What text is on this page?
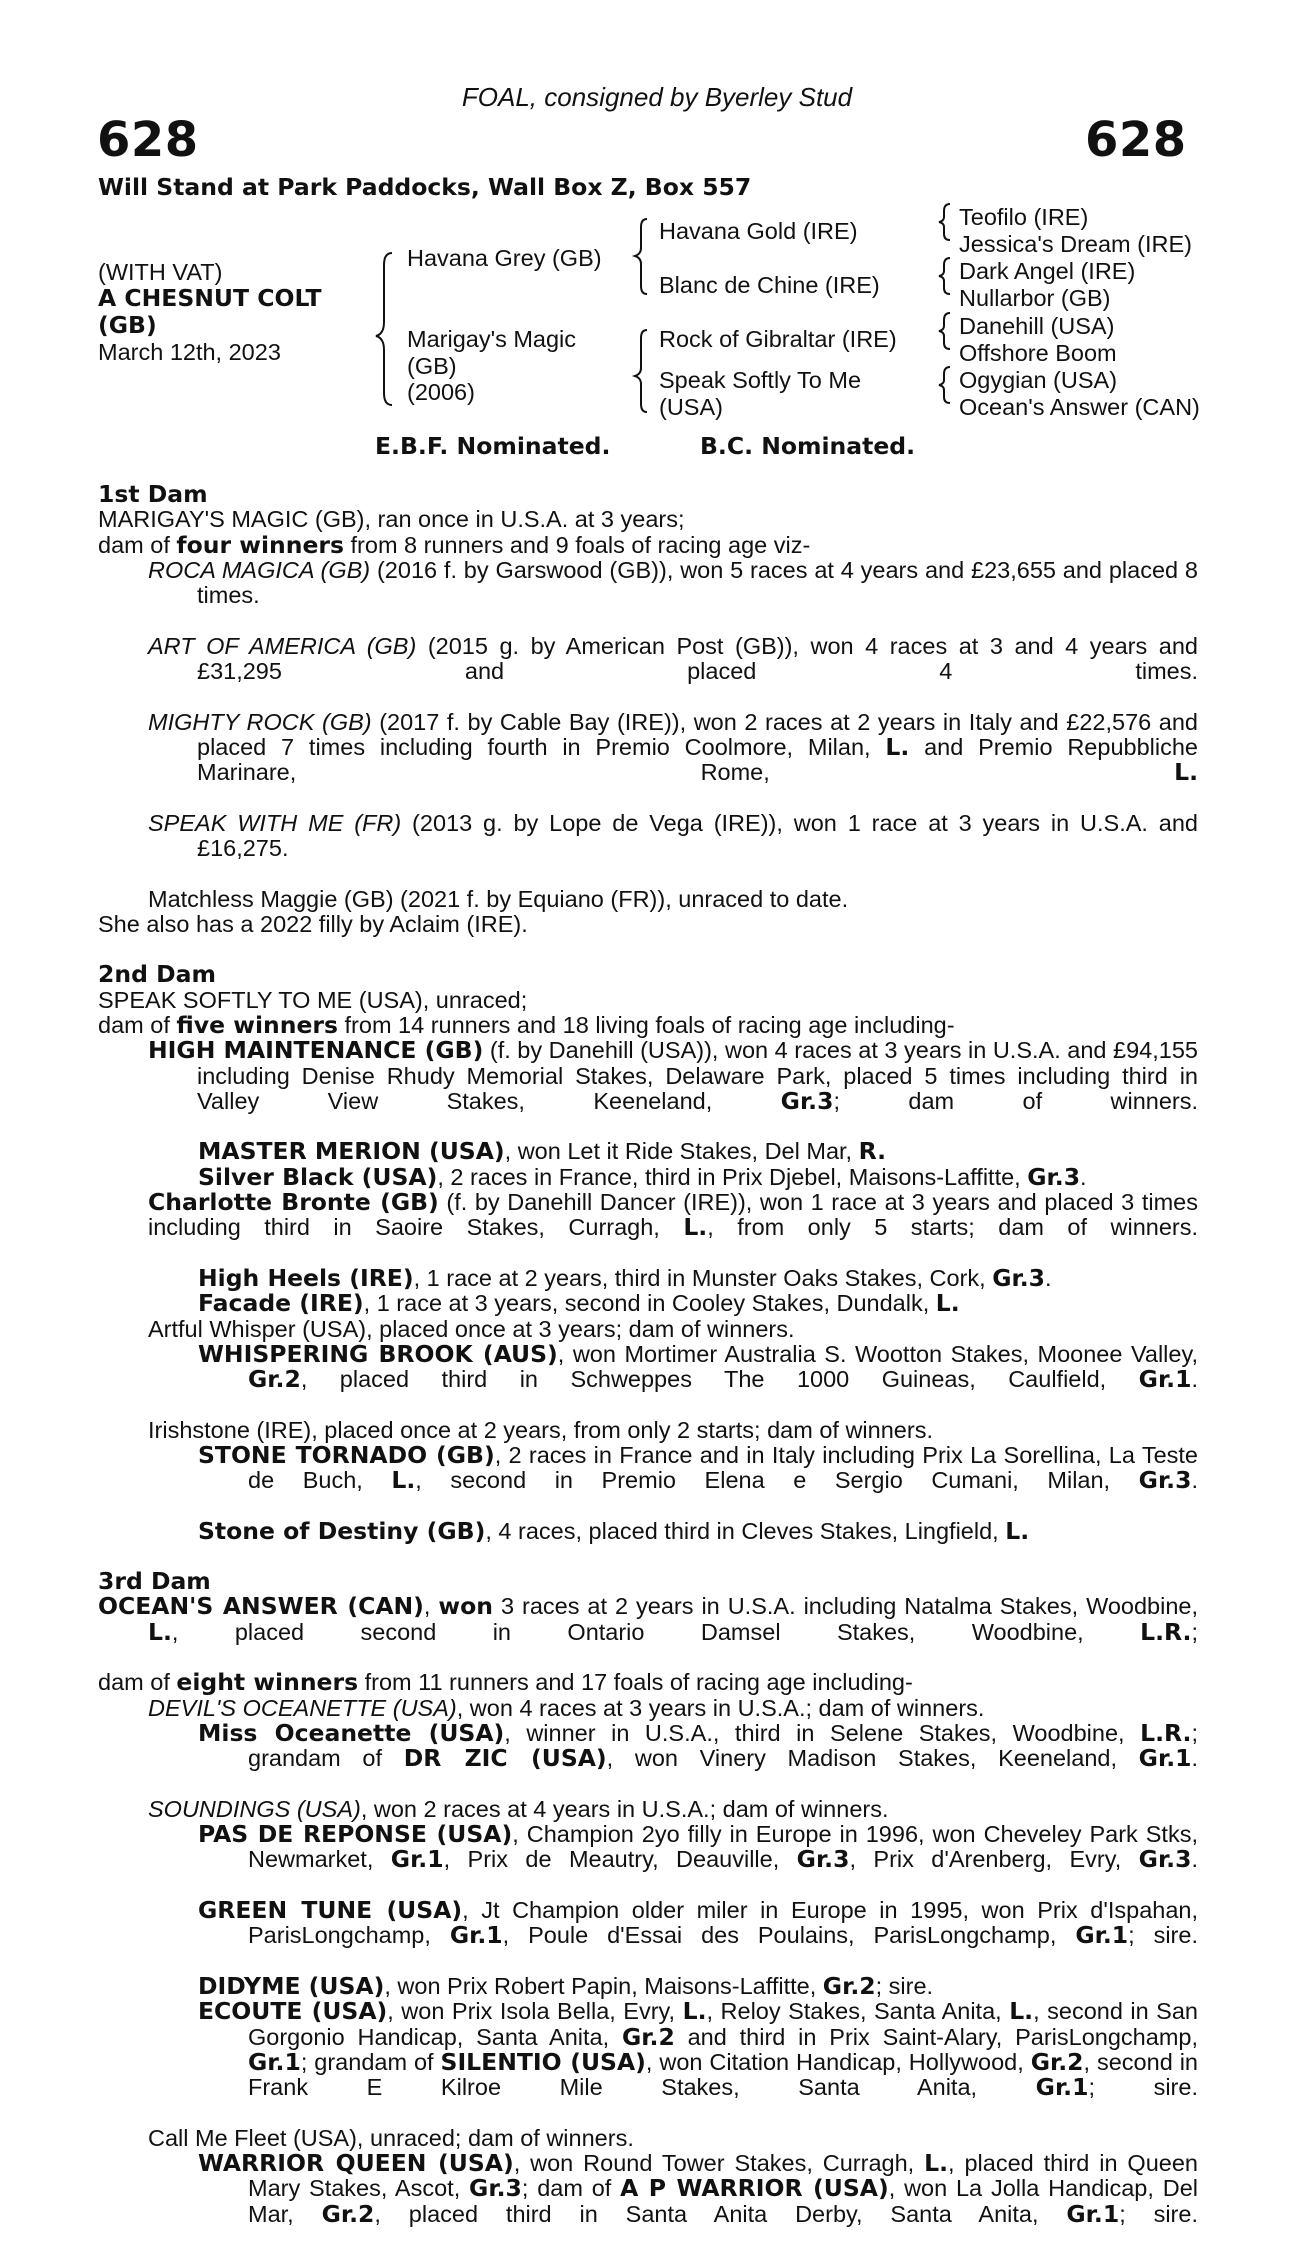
FOAL, consigned by Byerley Stud
628	628
Will Stand at Park Paddocks, Wall Box Z, Box 557
(WITH VAT)
A CHESNUT COLT
(GB)
March 12th, 2023
Havana Grey (GB)
Marigay's Magic
(GB)
(2006)
Havana Gold (IRE)
Blanc de Chine (IRE)
Rock of Gibraltar (IRE)
Speak Softly To Me
(USA)
Teofilo (IRE)
Jessica's Dream (IRE)
Dark Angel (IRE)
Nullarbor (GB)
Danehill (USA)
Offshore Boom
Ogygian (USA)
Ocean's Answer (CAN)
E.B.F. Nominated.	B.C. Nominated.
1st Dam
MARIGAY'S MAGIC (GB), ran once in U.S.A. at 3 years;
dam of four winners from 8 runners and 9 foals of racing age viz-
ROCA MAGICA (GB) (2016 f. by Garswood (GB)), won 5 races at 4 years and £23,655 and placed 8 times.
ART OF AMERICA (GB) (2015 g. by American Post (GB)), won 4 races at 3 and 4 years and £31,295 and placed 4 times.
MIGHTY ROCK (GB) (2017 f. by Cable Bay (IRE)), won 2 races at 2 years in Italy and £22,576 and placed 7 times including fourth in Premio Coolmore, Milan, L. and Premio Repubbliche Marinare, Rome, L.
SPEAK WITH ME (FR) (2013 g. by Lope de Vega (IRE)), won 1 race at 3 years in U.S.A. and £16,275.
Matchless Maggie (GB) (2021 f. by Equiano (FR)), unraced to date.
She also has a 2022 filly by Aclaim (IRE).
2nd Dam
SPEAK SOFTLY TO ME (USA), unraced;
dam of five winners from 14 runners and 18 living foals of racing age including-
HIGH MAINTENANCE (GB) (f. by Danehill (USA)), won 4 races at 3 years in U.S.A. and £94,155 including Denise Rhudy Memorial Stakes, Delaware Park, placed 5 times including third in Valley View Stakes, Keeneland, Gr.3; dam of winners.
MASTER MERION (USA), won Let it Ride Stakes, Del Mar, R.
Silver Black (USA), 2 races in France, third in Prix Djebel, Maisons-Laffitte, Gr.3.
Charlotte Bronte (GB) (f. by Danehill Dancer (IRE)), won 1 race at 3 years and placed 3 times including third in Saoire Stakes, Curragh, L., from only 5 starts; dam of winners.
High Heels (IRE), 1 race at 2 years, third in Munster Oaks Stakes, Cork, Gr.3.
Facade (IRE), 1 race at 3 years, second in Cooley Stakes, Dundalk, L.
Artful Whisper (USA), placed once at 3 years; dam of winners.
WHISPERING BROOK (AUS), won Mortimer Australia S. Wootton Stakes, Moonee Valley, Gr.2, placed third in Schweppes The 1000 Guineas, Caulfield, Gr.1.
Irishstone (IRE), placed once at 2 years, from only 2 starts; dam of winners.
STONE TORNADO (GB), 2 races in France and in Italy including Prix La Sorellina, La Teste de Buch, L., second in Premio Elena e Sergio Cumani, Milan, Gr.3.
Stone of Destiny (GB), 4 races, placed third in Cleves Stakes, Lingfield, L.
3rd Dam
OCEAN'S ANSWER (CAN), won 3 races at 2 years in U.S.A. including Natalma Stakes, Woodbine, L., placed second in Ontario Damsel Stakes, Woodbine, L.R.;
dam of eight winners from 11 runners and 17 foals of racing age including-
DEVIL'S OCEANETTE (USA), won 4 races at 3 years in U.S.A.; dam of winners.
Miss Oceanette (USA), winner in U.S.A., third in Selene Stakes, Woodbine, L.R.; grandam of DR ZIC (USA), won Vinery Madison Stakes, Keeneland, Gr.1.
SOUNDINGS (USA), won 2 races at 4 years in U.S.A.; dam of winners.
PAS DE REPONSE (USA), Champion 2yo filly in Europe in 1996, won Cheveley Park Stks, Newmarket, Gr.1, Prix de Meautry, Deauville, Gr.3, Prix d'Arenberg, Evry, Gr.3.
GREEN TUNE (USA), Jt Champion older miler in Europe in 1995, won Prix d'Ispahan, ParisLongchamp, Gr.1, Poule d'Essai des Poulains, ParisLongchamp, Gr.1; sire.
DIDYME (USA), won Prix Robert Papin, Maisons-Laffitte, Gr.2; sire.
ECOUTE (USA), won Prix Isola Bella, Evry, L., Reloy Stakes, Santa Anita, L., second in San Gorgonio Handicap, Santa Anita, Gr.2 and third in Prix Saint-Alary, ParisLongchamp, Gr.1; grandam of SILENTIO (USA), won Citation Handicap, Hollywood, Gr.2, second in Frank E Kilroe Mile Stakes, Santa Anita, Gr.1; sire.
Call Me Fleet (USA), unraced; dam of winners.
WARRIOR QUEEN (USA), won Round Tower Stakes, Curragh, L., placed third in Queen Mary Stakes, Ascot, Gr.3; dam of A P WARRIOR (USA), won La Jolla Handicap, Del Mar, Gr.2, placed third in Santa Anita Derby, Santa Anita, Gr.1; sire.
